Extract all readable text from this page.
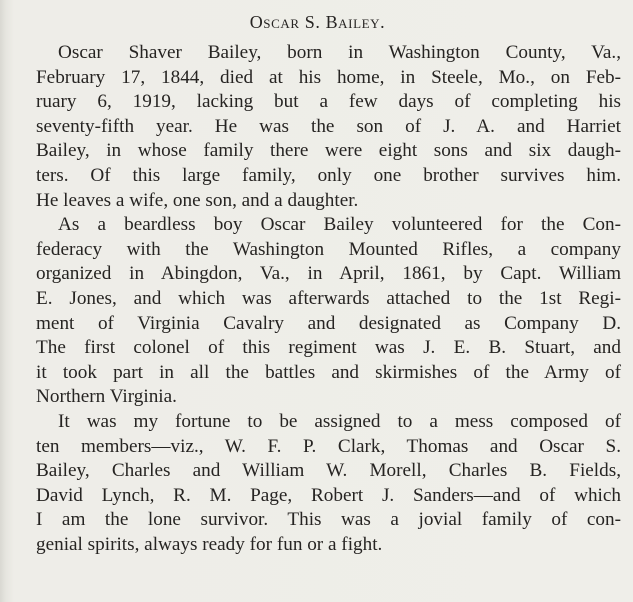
Oscar S. Bailey.
Oscar Shaver Bailey, born in Washington County, Va.,
February 17, 1844, died at his home, in Steele, Mo., on Feb-
ruary 6, 1919, lacking but a few days of completing his
seventy-fifth year. He was the son of J. A. and Harriet
Bailey, in whose family there were eight sons and six daugh-
ters. Of this large family, only one brother survives him.
He leaves a wife, one son, and a daughter.
As a beardless boy Oscar Bailey volunteered for the Con-
federacy with the Washington Mounted Rifles, a company
organized in Abingdon, Va., in April, 1861, by Capt. William
E. Jones, and which was afterwards attached to the 1st Regi-
ment of Virginia Cavalry and designated as Company D.
The first colonel of this regiment was J. E. B. Stuart, and
it took part in all the battles and skirmishes of the Army of
Northern Virginia.
It was my fortune to be assigned to a mess composed of
ten members—viz., W. F. P. Clark, Thomas and Oscar S.
Bailey, Charles and William W. Morell, Charles B. Fields,
David Lynch, R. M. Page, Robert J. Sanders—and of which
I am the lone survivor. This was a jovial family of con-
genial spirits, always ready for fun or a fight.
